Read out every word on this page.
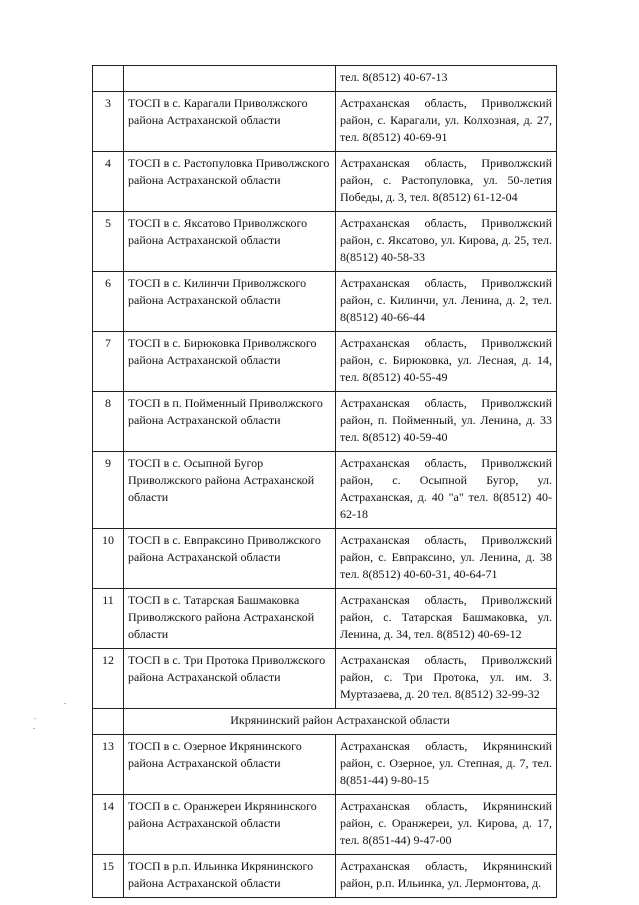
		тел. 8(8512) 40-67-13
3	ТОСП в с. Карагали Приволжского района Астраханской области	Астраханская область, Приволжский район, с. Карагали, ул. Колхозная, д. 27, тел. 8(8512) 40-69-91
4	ТОСП в с. Растопуловка Приволжского района Астраханской области	Астраханская область, Приволжский район, с. Растопуловка, ул. 50-летия Победы, д. 3, тел. 8(8512) 61-12-04
5	ТОСП в с. Яксатово Приволжского района Астраханской области	Астраханская область, Приволжский район, с. Яксатово, ул. Кирова, д. 25, тел. 8(8512) 40-58-33
6	ТОСП в с. Килинчи Приволжского района Астраханской области	Астраханская область, Приволжский район, с. Килинчи, ул. Ленина, д. 2, тел. 8(8512) 40-66-44
7	ТОСП в с. Бирюковка Приволжского района Астраханской области	Астраханская область, Приволжский район, с. Бирюковка, ул. Лесная, д. 14, тел. 8(8512) 40-55-49
8	ТОСП в п. Пойменный Приволжского района Астраханской области	Астраханская область, Приволжский район, п. Пойменный, ул. Ленина, д. 33 тел. 8(8512) 40-59-40
9	ТОСП в с. Осыпной Бугор Приволжского района Астраханской области	Астраханская область, Приволжский район, с. Осыпной Бугор, ул. Астраханская, д. 40 "а" тел. 8(8512) 40-62-18
10	ТОСП в с. Евпраксино Приволжского района Астраханской области	Астраханская область, Приволжский район, с. Евпраксино, ул. Ленина, д. 38 тел. 8(8512) 40-60-31, 40-64-71
11	ТОСП в с. Татарская Башмаковка Приволжского района Астраханской области	Астраханская область, Приволжский район, с. Татарская Башмаковка, ул. Ленина, д. 34, тел. 8(8512) 40-69-12
12	ТОСП в с. Три Протока Приволжского района Астраханской области	Астраханская область, Приволжский район, с. Три Протока, ул. им. З. Муртазаева, д. 20 тел. 8(8512) 32-99-32
	Икрянинский район Астраханской области	
13	ТОСП в с. Озерное Икрянинского района Астраханской области	Астраханская область, Икрянинский район, с. Озерное, ул. Степная, д. 7, тел. 8(851-44) 9-80-15
14	ТОСП в с. Оранжереи Икрянинского района Астраханской области	Астраханская область, Икрянинский район, с. Оранжереи, ул. Кирова, д. 17, тел. 8(851-44) 9-47-00
15	ТОСП в р.п. Ильинка Икрянинского района Астраханской области	Астраханская область, Икрянинский район, р.п. Ильинка, ул. Лермонтова, д.
